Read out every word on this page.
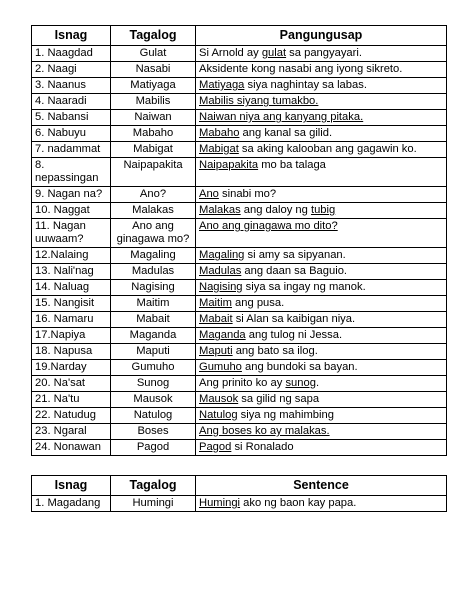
Isnag	Tagalog	Pangungusap
1. Naagdad	Gulat	Si Arnold ay gulat sa pangyayari.
2. Naagi	Nasabi	Aksidente kong nasabi ang iyong sikreto.
3. Naanus	Matiyaga	Matiyaga siya naghintay sa labas.
4. Naaradi	Mabilis	Mabilis siyang tumakbo.
5. Nabansi	Naiwan	Naiwan niya ang kanyang pitaka.
6. Nabuyu	Mabaho	Mabaho ang kanal sa gilid.
7. nadammat	Mabigat	Mabigat sa aking kalooban ang gagawin ko.
8. nepassingan	Naipapakita	Naipapakita mo ba talaga
9. Nagan na?	Ano?	Ano sinabi mo?
10. Naggat	Malakas	Malakas ang daloy ng tubig
11. Nagan uuwaam?	Ano ang ginagawa mo?	Ano ang ginagawa mo dito?
12.Nalaing	Magaling	Magaling si amy sa sipyanan.
13. Nali'nag	Madulas	Madulas ang daan sa Baguio.
14. Naluag	Nagising	Nagising siya sa ingay ng manok.
15. Nangisit	Maitim	Maitim ang pusa.
16. Namaru	Mabait	Mabait si Alan sa kaibigan niya.
17.Napiya	Maganda	Maganda ang tulog ni Jessa.
18. Napusa	Maputi	Maputi ang bato sa ilog.
19.Narday	Gumuho	Gumuho ang bundoki sa bayan.
20. Na'sat	Sunog	Ang prinito ko ay sunog.
21. Na'tu	Mausok	Mausok sa gilid ng sapa
22. Natudug	Natulog	Natulog siya ng mahimbing
23. Ngaral	Boses	Ang boses ko ay malakas.
24. Nonawan	Pagod	Pagod si Ronalado
Isnag	Tagalog	Sentence
1. Magadang	Humingi	Humingi ako ng baon kay papa.
